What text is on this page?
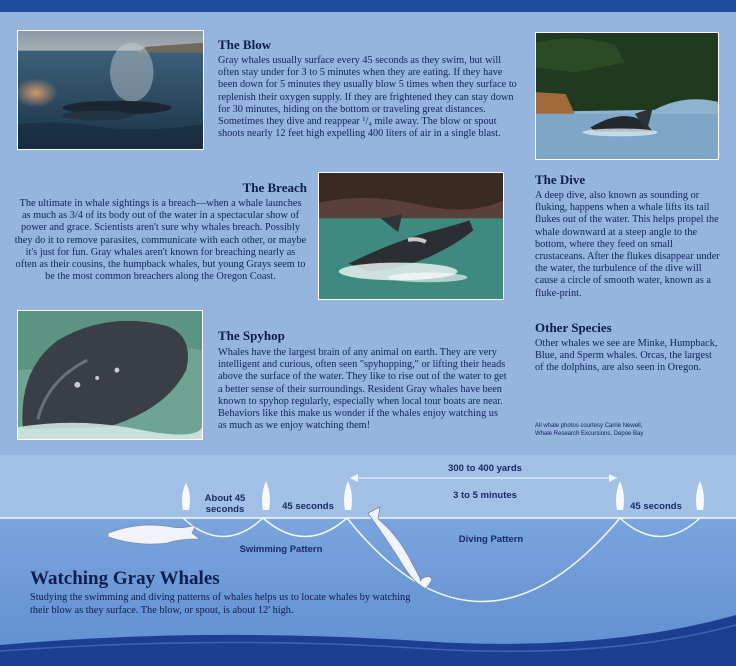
The Blow

Gray whales usually surface every 45 seconds as they swim, but will often stay under for 3 to 5 minutes when they are eating. If they have been down for 5 minutes they usually blow 5 times when they surface to replenish their oxygen supply. If they are frightened they can stay down for 30 minutes, hiding on the bottom or traveling great distances. Sometimes they dive and reappear ¹/₄ mile away. The blow or spout shoots nearly 12 feet high expelling 400 liters of air in a single blast.

The Breach

The ultimate in whale sightings is a breach—when a whale launches as much as 3/4 of its body out of the water in a spectacular show of power and grace. Scientists aren't sure why whales breach. Possibly they do it to remove parasites, communicate with each other, or maybe it's just for fun. Gray whales aren't known for breaching nearly as often as their cousins, the humpback whales, but young Grays seem to be the most common breachers along the Oregon Coast.

The Spyhop

Whales have the largest brain of any animal on earth. They are very intelligent and curious, often seen "spyhopping," or lifting their heads above the surface of the water. They like to rise out of the water to get a better sense of their surroundings. Resident Gray whales have been known to spyhop regularly, especially when local tour boats are near. Behaviors like this make us wonder if the whales enjoy watching us as much as we enjoy watching them!

The Dive

A deep dive, also known as sounding or fluking, happens when a whale lifts its tail flukes out of the water. This helps propel the whale downward at a steep angle to the bottom, where they feed on small crustaceans. After the flukes disappear under the water, the turbulence of the dive will cause a circle of smooth water, known as a fluke-print.

Other Species

Other whales we see are Minke, Humpback, Blue, and Sperm whales. Orcas, the largest of the dolphins, are also seen in Oregon.

All whale photos courtesy Carrie Newell,
Whale Research Excursions, Depoe Bay
About 45 seconds	45 seconds
300 to 400 yards
3 to 5 minutes
45 seconds
Swimming Pattern
Diving Pattern
Watching Gray Whales
Studying the swimming and diving patterns of whales helps us to locate whales by watching their blow as they surface. The blow, or spout, is about 12' high.
